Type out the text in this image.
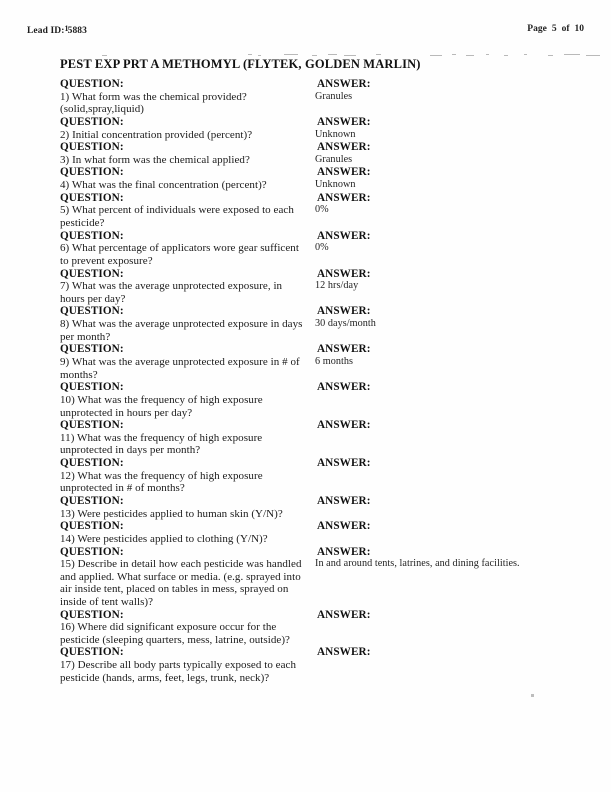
Lead ID:$^1$5883	Page 5 of 10
PEST EXP PRT A METHOMYL (FLYTEK, GOLDEN MARLIN)
QUESTION:	ANSWER:
1) What form was the chemical provided?(solid,spray,liquid)
Granules
QUESTION:	ANSWER:
2) Initial concentration provided (percent)?	Unknown
QUESTION:	ANSWER:
3) In what form was the chemical applied?	Granules
QUESTION:	ANSWER:
4) What was the final concentration (percent)?	Unknown
QUESTION:	ANSWER:
5) What percent of individuals were exposed to each pesticide?
0%
QUESTION:	ANSWER:
6) What percentage of applicators wore gear sufficent to prevent exposure?
0%
QUESTION:	ANSWER:
7) What was the average unprotected exposure, in hours per day?
12 hrs/day
QUESTION:	ANSWER:
8) What was the average unprotected exposure in days per month?
30 days/month
QUESTION:	ANSWER:
9) What was the average unprotected exposure in # of months?
6 months
QUESTION:	ANSWER:
10) What was the frequency of high exposure unprotected in hours per day?
QUESTION:	ANSWER:
11) What was the frequency of high exposure unprotected in days per month?
QUESTION:	ANSWER:
12) What was the frequency of high exposure unprotected in # of months?
QUESTION:	ANSWER:
13) Were pesticides applied to human skin (Y/N)?
QUESTION:	ANSWER:
14) Were pesticides applied to clothing (Y/N)?
QUESTION:	ANSWER:
15) Describe in detail how each pesticide was handled and applied. What surface or media. (e.g. sprayed into air inside tent, placed on tables in mess, sprayed on inside of tent walls)?
In and around tents, latrines, and dining facilities.
QUESTION:	ANSWER:
16) Where did significant exposure occur for the pesticide (sleeping quarters, mess, latrine, outside)?
QUESTION:	ANSWER:
17) Describe all body parts typically exposed to each pesticide (hands, arms, feet, legs, trunk, neck)?
